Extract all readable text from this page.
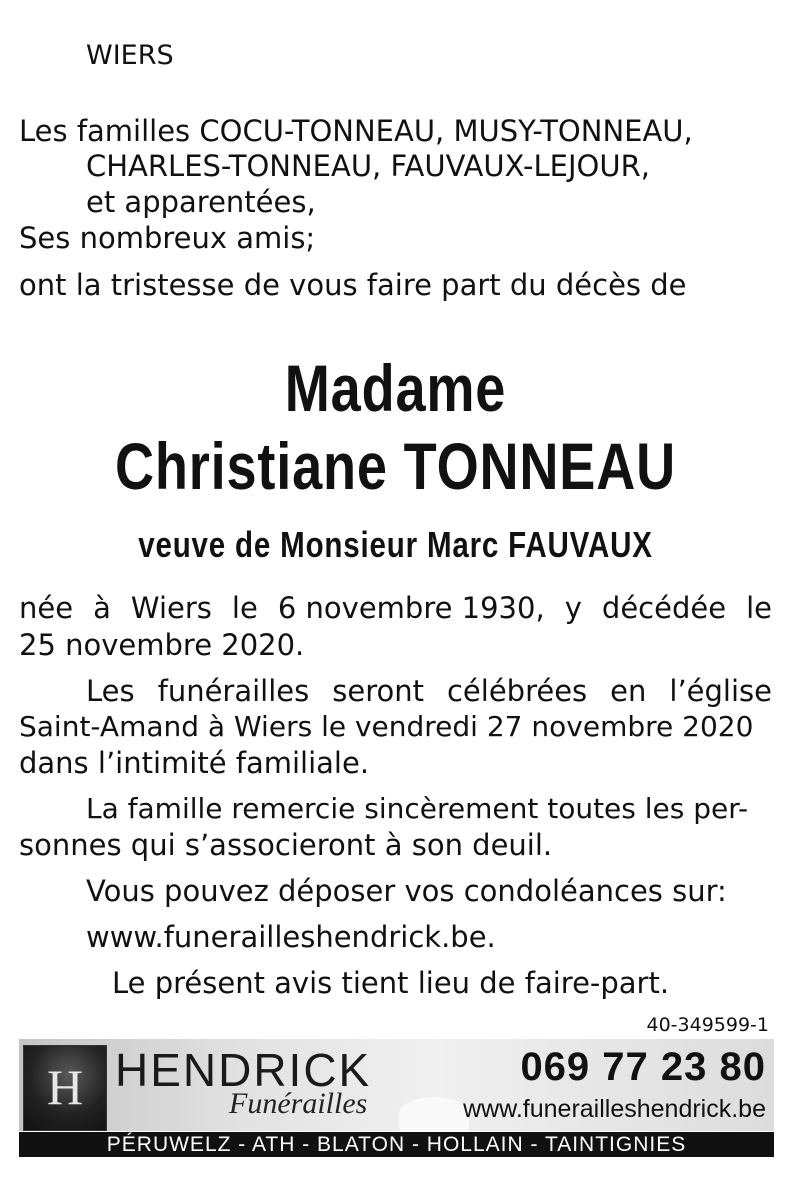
WIERS
Les familles COCU-TONNEAU, MUSY-TONNEAU,
CHARLES-TONNEAU, FAUVAUX-LEJOUR,
et apparentées,
Ses nombreux amis;
ont la tristesse de vous faire part du décès de
Madame
Christiane TONNEAU
veuve de Monsieur Marc FAUVAUX
née à Wiers le 6 novembre 1930, y décédée le
25 novembre 2020.
Les funérailles seront célébrées en l’église
Saint-Amand à Wiers le vendredi 27 novembre 2020
dans l’intimité familiale.
La famille remercie sincèrement toutes les per-
sonnes qui s’associeront à son deuil.
Vous pouvez déposer vos condoléances sur:
www.funerailleshendrick.be.
Le présent avis tient lieu de faire-part.
40-349599-1
H HENDRICK
Funérailles
069 77 23 80
www.funerailleshendrick.be
PÉRUWELZ - ATH - BLATON - HOLLAIN - TAINTIGNIES
